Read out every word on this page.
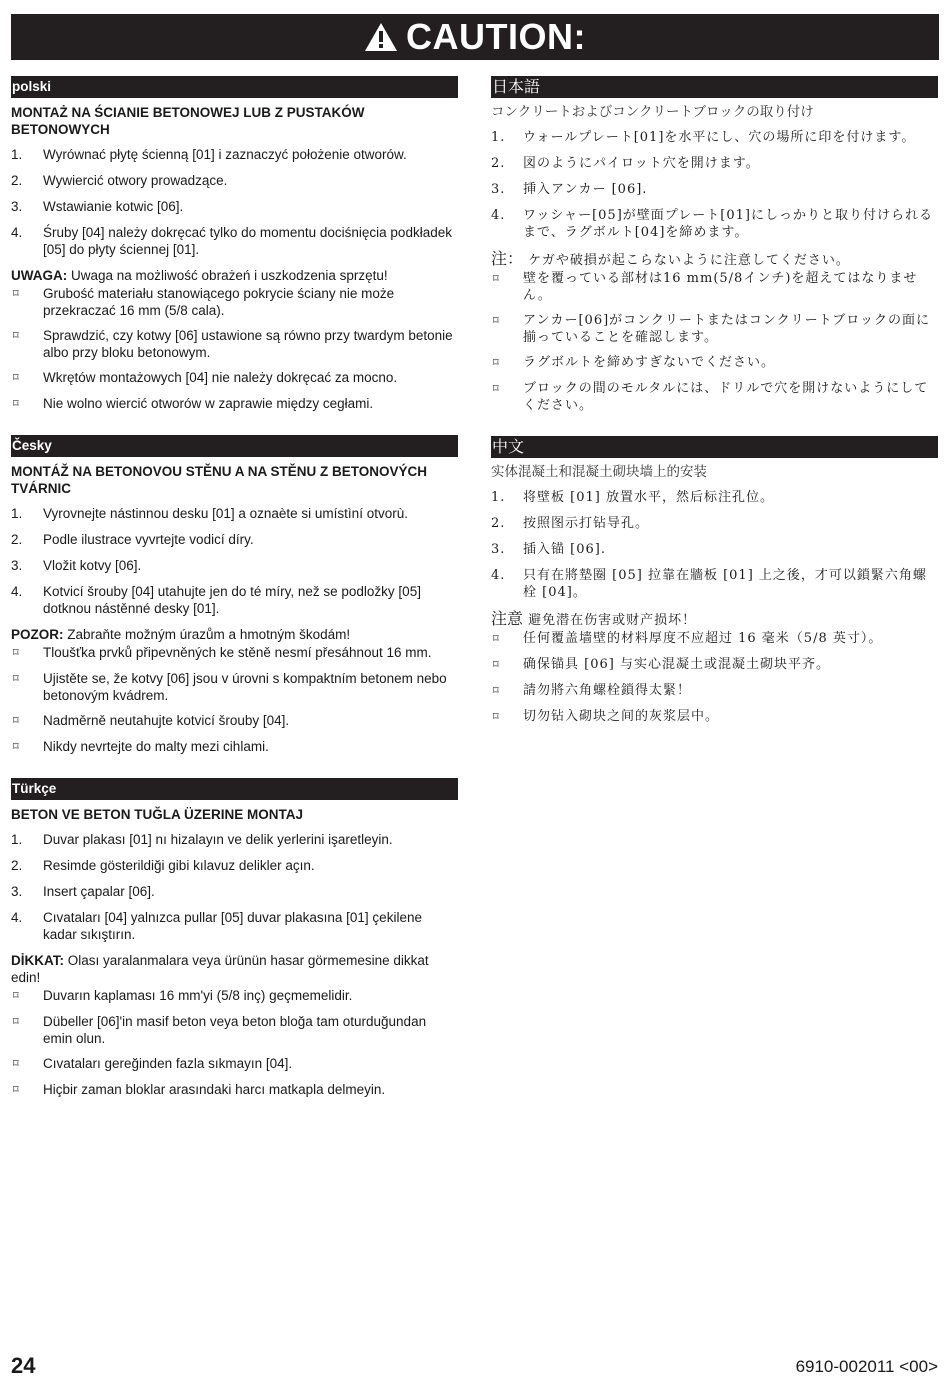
CAUTION:
polski
MONTAŻ NA ŚCIANIE BETONOWEJ LUB Z PUSTAKÓW BETONOWYCH
1.	Wyrównać płytę ścienną [01] i zaznaczyć położenie otworów.
2.	Wywiercić otwory prowadzące.
3.	Wstawianie kotwic [06].
4.	Śruby [04] należy dokręcać tylko do momentu dociśnięcia podkładek [05] do płyty ściennej [01].
UWAGA: Uwaga na możliwość obrażeń i uszkodzenia sprzętu!
⌑	Grubość materiału stanowiącego pokrycie ściany nie może przekraczać 16 mm (5/8 cala).
⌑	Sprawdzić, czy kotwy [06] ustawione są równo przy twardym betonie albo przy bloku betonowym.
⌑	Wkrętów montażowych [04] nie należy dokręcać za mocno.
⌑	Nie wolno wiercić otworów w zaprawie między cegłami.
Česky
MONTÁŽ NA BETONOVOU STĚNU A NA STĚNU Z BETONOVÝCH TVÁRNIC
1.	Vyrovnejte nástinnou desku [01] a oznaète si umístìní otvorù.
2.	Podle ilustrace vyvrtejte vodicí díry.
3.	Vložit kotvy [06].
4.	Kotvicí šrouby [04] utahujte jen do té míry, než se podložky [05] dotknou nástěnné desky [01].
POZOR: Zabraňte možným úrazům a hmotným škodám!
⌑	Tloušťka prvků připevněných ke stěně nesmí přesáhnout 16 mm.
⌑	Ujistěte se, že kotvy [06] jsou v úrovni s kompaktním betonem nebo betonovým kvádrem.
⌑	Nadměrně neutahujte kotvicí šrouby [04].
⌑	Nikdy nevrtejte do malty mezi cihlami.
Türkçe
BETON VE BETON TUĞLA ÜZERINE MONTAJ
1.	Duvar plakası [01] nı hizalayın ve delik yerlerini işaretleyin.
2.	Resimde gösterildiği gibi kılavuz delikler açın.
3.	Insert çapalar [06].
4.	Cıvataları [04] yalnızca pullar [05] duvar plakasına [01] çekilene kadar sıkıştırın.
DİKKAT: Olası yaralanmalara veya ürünün hasar görmemesine dikkat edin!
⌑	Duvarın kaplaması 16 mm'yi (5/8 inç) geçmemelidir.
⌑	Dübeller [06]'in masif beton veya beton bloğa tam oturduğundan emin olun.
⌑	Cıvataları gereğinden fazla sıkmayın [04].
⌑	Hiçbir zaman bloklar arasındaki harcı matkapla delmeyin.
日本語
コンクリートおよびコンクリートブロックの取り付け
1.	ウォールプレート[01]を水平にし、穴の場所に印を付けます。
2.	図のようにパイロット穴を開けます。
3.	挿入アンカー [06].
4.	ワッシャー[05]が壁面プレート[01]にしっかりと取り付けられるまで、ラグボルト[04]を締めます。
注： ケガや破損が起こらないように注意してください。
⌑	壁を覆っている部材は16 mm(5/8インチ)を超えてはなりません。
⌑	アンカー[06]がコンクリートまたはコンクリートブロックの面に揃っていることを確認します。
⌑	ラグボルトを締めすぎないでください。
⌑	ブロックの間のモルタルには、ドリルで穴を開けないようにしてください。
中文
实体混凝土和混凝土砌块墙上的安装
1.	将壁板 [01] 放置水平，然后标注孔位。
2.	按照图示打钻导孔。
3.	插入锚 [06].
4.	只有在將墊圈 [05] 拉靠在牆板 [01] 上之後，才可以鎖緊六角螺栓 [04]。
注意 避免潜在伤害或财产损坏！
⌑	任何覆盖墙壁的材料厚度不应超过 16 毫米（5/8 英寸）。
⌑	确保锚具 [06] 与实心混凝土或混凝土砌块平齐。
⌑	請勿將六角螺栓鎖得太緊！
⌑	切勿钻入砌块之间的灰浆层中。
24	6910-002011 <00>
